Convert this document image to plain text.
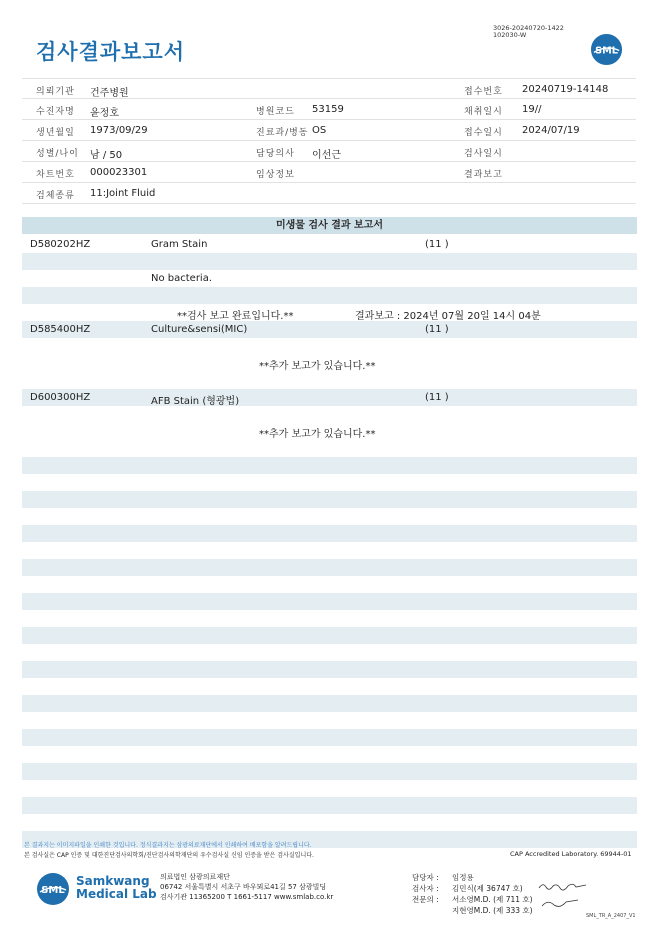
검사결과보고서
3026-20240720-1422
102030-W
SML
의뢰기관 건주병원	접수번호 20240719-14148
수진자명 윤정호	병원코드 53159	채취일시 19//
생년월일 1973/09/29	진료과/병동 OS	접수일시 2024/07/19
성별/나이 남 / 50	담당의사 이선근	검사일시
차트번호 000023301	임상정보	결과보고
검체종류 11:Joint Fluid
미생물 검사 결과 보고서
D580202HZ	Gram Stain	(11 )
No bacteria.
**검사 보고 완료입니다.**	결과보고 : 2024년 07월 20일 14시 04분
D585400HZ	Culture&sensi(MIC)	(11 )
**추가 보고가 있습니다.**
D600300HZ	AFB Stain (형광법)	(11 )
**추가 보고가 있습니다.**
본 결과지는 이미지파일을 인쇄한 것입니다. 정식결과지는 삼광의료재단에서 인쇄하여 배포함을 알려드립니다.
본 검사실은 CAP 인증 및 대한진단검사의학회/진단검사의학재단의 우수검사실 신임 인증을 받은 검사실입니다.	CAP Accredited Laboratory. 69944-01
SML
Samkwang
Medical Lab
의료법인 삼광의료재단
06742 서울특별시 서초구 바우뫼로41길 57 삼광빌딩
검사기관 11365200 T 1661-5117 www.smlab.co.kr
담당자 : 임정용
검사자 : 김민식(제 36747 호)
전문의 : 서소영M.D. (제 711 호)
지현영M.D. (제 333 호)
SML_TR_A_2407_V1
